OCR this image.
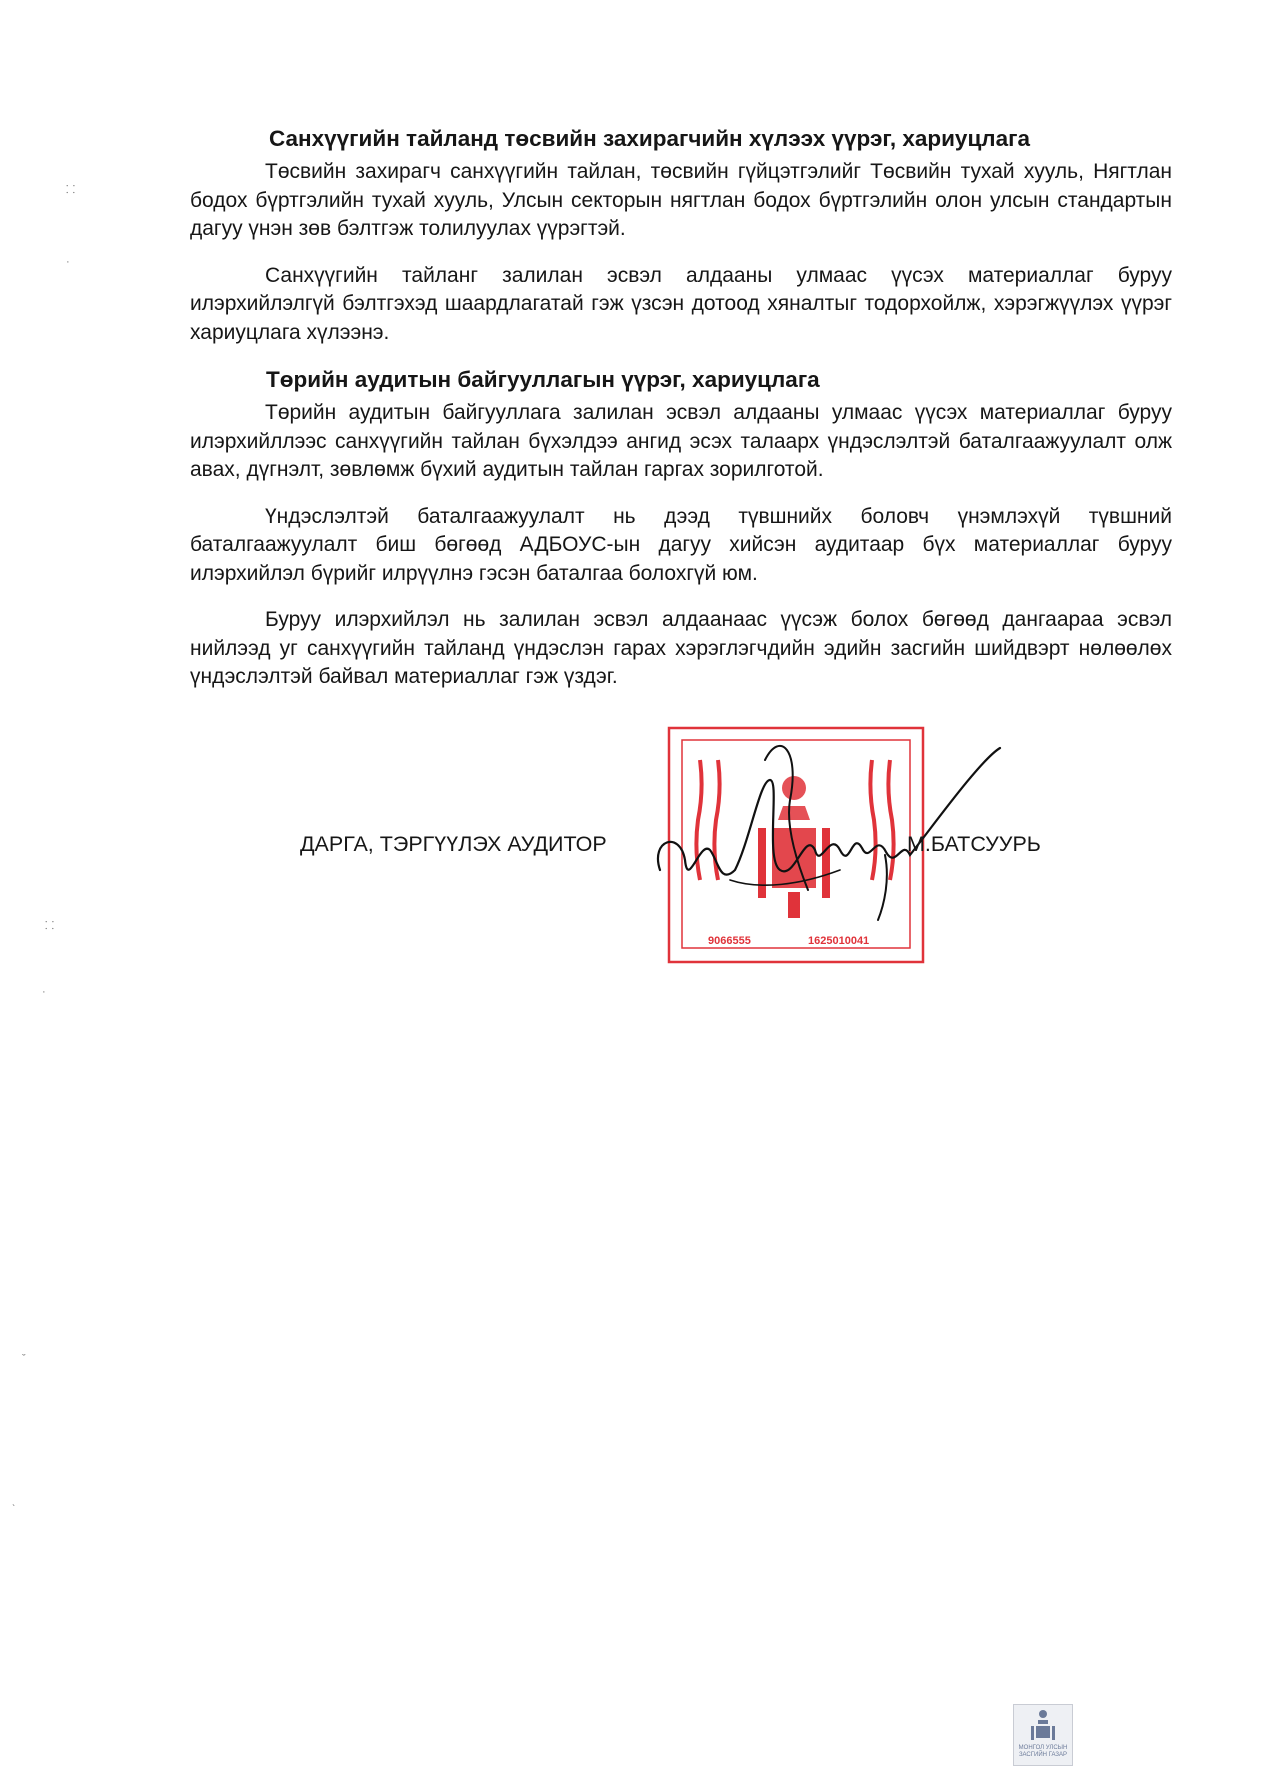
Санхүүгийн тайланд төсвийн захирагчийн хүлээх үүрэг, хариуцлага

Төсвийн захирагч санхүүгийн тайлан, төсвийн гүйцэтгэлийг Төсвийн тухай хууль, Нягтлан бодох бүртгэлийн тухай хууль, Улсын секторын нягтлан бодох бүртгэлийн олон улсын стандартын дагуу үнэн зөв бэлтгэж толилуулах үүрэгтэй.

Санхүүгийн тайланг залилан эсвэл алдааны улмаас үүсэх материаллаг буруу илэрхийлэлгүй бэлтгэхэд шаардлагатай гэж үзсэн дотоод хяналтыг тодорхойлж, хэрэгжүүлэх үүрэг хариуцлага хүлээнэ.

Төрийн аудитын байгууллагын үүрэг, хариуцлага

Төрийн аудитын байгууллага залилан эсвэл алдааны улмаас үүсэх материаллаг буруу илэрхийллээс санхүүгийн тайлан бүхэлдээ ангид эсэх талаарх үндэслэлтэй баталгаажуулалт олж авах, дүгнэлт, зөвлөмж бүхий аудитын тайлан гаргах зорилготой.

Үндэслэлтэй баталгаажуулалт нь дээд түвшнийх боловч үнэмлэхүй түвшний баталгаажуулалт биш бөгөөд АДБОУС-ын дагуу хийсэн аудитаар бүх материаллаг буруу илэрхийлэл бүрийг илрүүлнэ гэсэн баталгаа болохгүй юм.

Буруу илэрхийлэл нь залилан эсвэл алдаанаас үүсэж болох бөгөөд дангаараа эсвэл нийлээд уг санхүүгийн тайланд үндэслэн гарах хэрэглэгчдийн эдийн засгийн шийдвэрт нөлөөлөх үндэслэлтэй байвал материаллаг гэж үздэг.

9066555	1625010041
ДАРГА, ТЭРГҮҮЛЭХ АУДИТОР	М.БАТСУУРЬ
⸬
·
⸬
·
ˬ
ˎ
МОНГОЛ УЛСЫН
ЗАСГИЙН ГАЗАР
